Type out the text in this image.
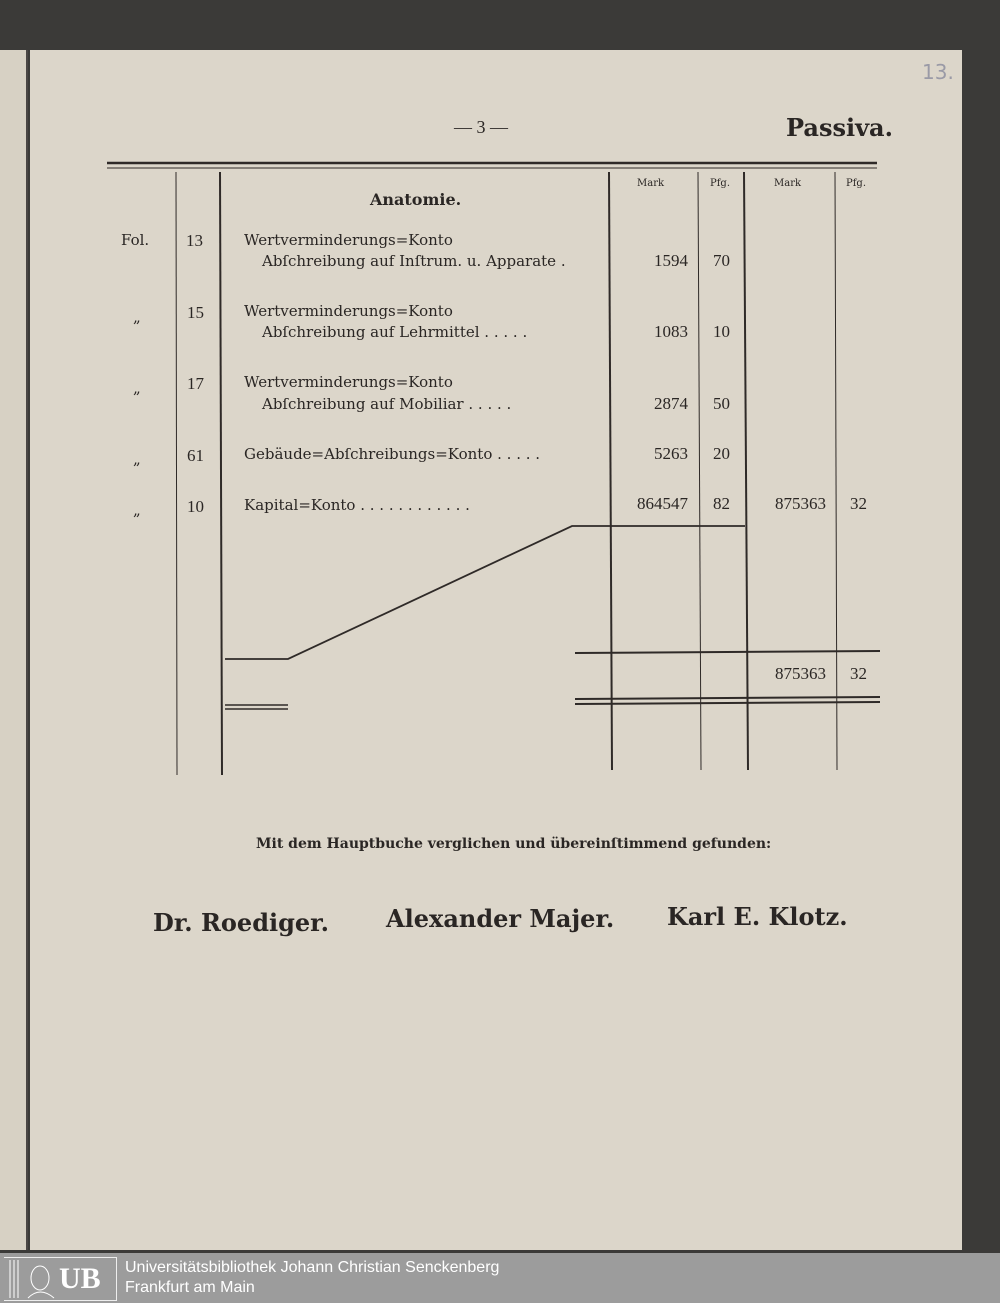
13.
— 3 —	Passiva.
Anatomie.
Mark	Pfg.	Mark	Pfg.
Fol. 13	Wertverminderungs=Konto
Abſchreibung auf Inſtrum. u. Apparate .	1594 70
„	15	Wertverminderungs=Konto
Abſchreibung auf Lehrmittel . . . . .	1083 10
„	17	Wertverminderungs=Konto
Abſchreibung auf Mobiliar . . . . .	2874 50
„	61	Gebäude=Abſchreibungs=Konto . . . . .	5263 20
„	10	Kapital=Konto . . . . . . . . . . . .	864547 82	875363 32
875363 32
Mit dem Hauptbuche verglichen und übereinſtimmend gefunden:
Dr. Roediger. Alexander Majer. Karl E. Klotz.
UB Universitätsbibliothek Johann Christian Senckenberg
Frankfurt am Main
